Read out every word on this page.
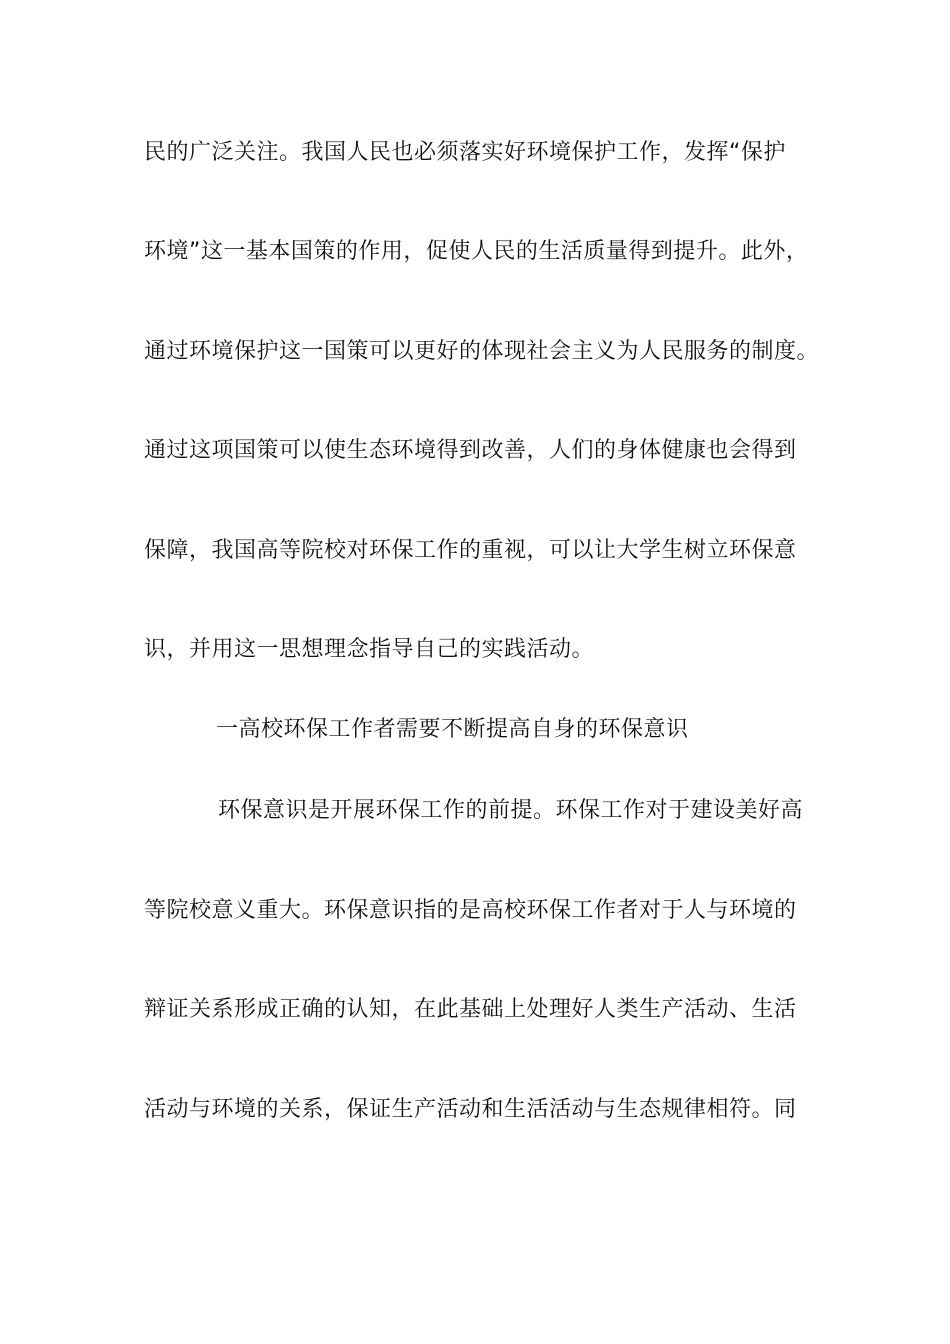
民的广泛关注。我国人民也必须落实好环境保护工作，发挥“保护
环境”这一基本国策的作用，促使人民的生活质量得到提升。此外，
通过环境保护这一国策可以更好的体现社会主义为人民服务的制度。
通过这项国策可以使生态环境得到改善，人们的身体健康也会得到
保障，我国高等院校对环保工作的重视，可以让大学生树立环保意
识，并用这一思想理念指导自己的实践活动。
一高校环保工作者需要不断提高自身的环保意识
环保意识是开展环保工作的前提。环保工作对于建设美好高
等院校意义重大。环保意识指的是高校环保工作者对于人与环境的
辩证关系形成正确的认知，在此基础上处理好人类生产活动、生活
活动与环境的关系，保证生产活动和生活活动与生态规律相符。同
